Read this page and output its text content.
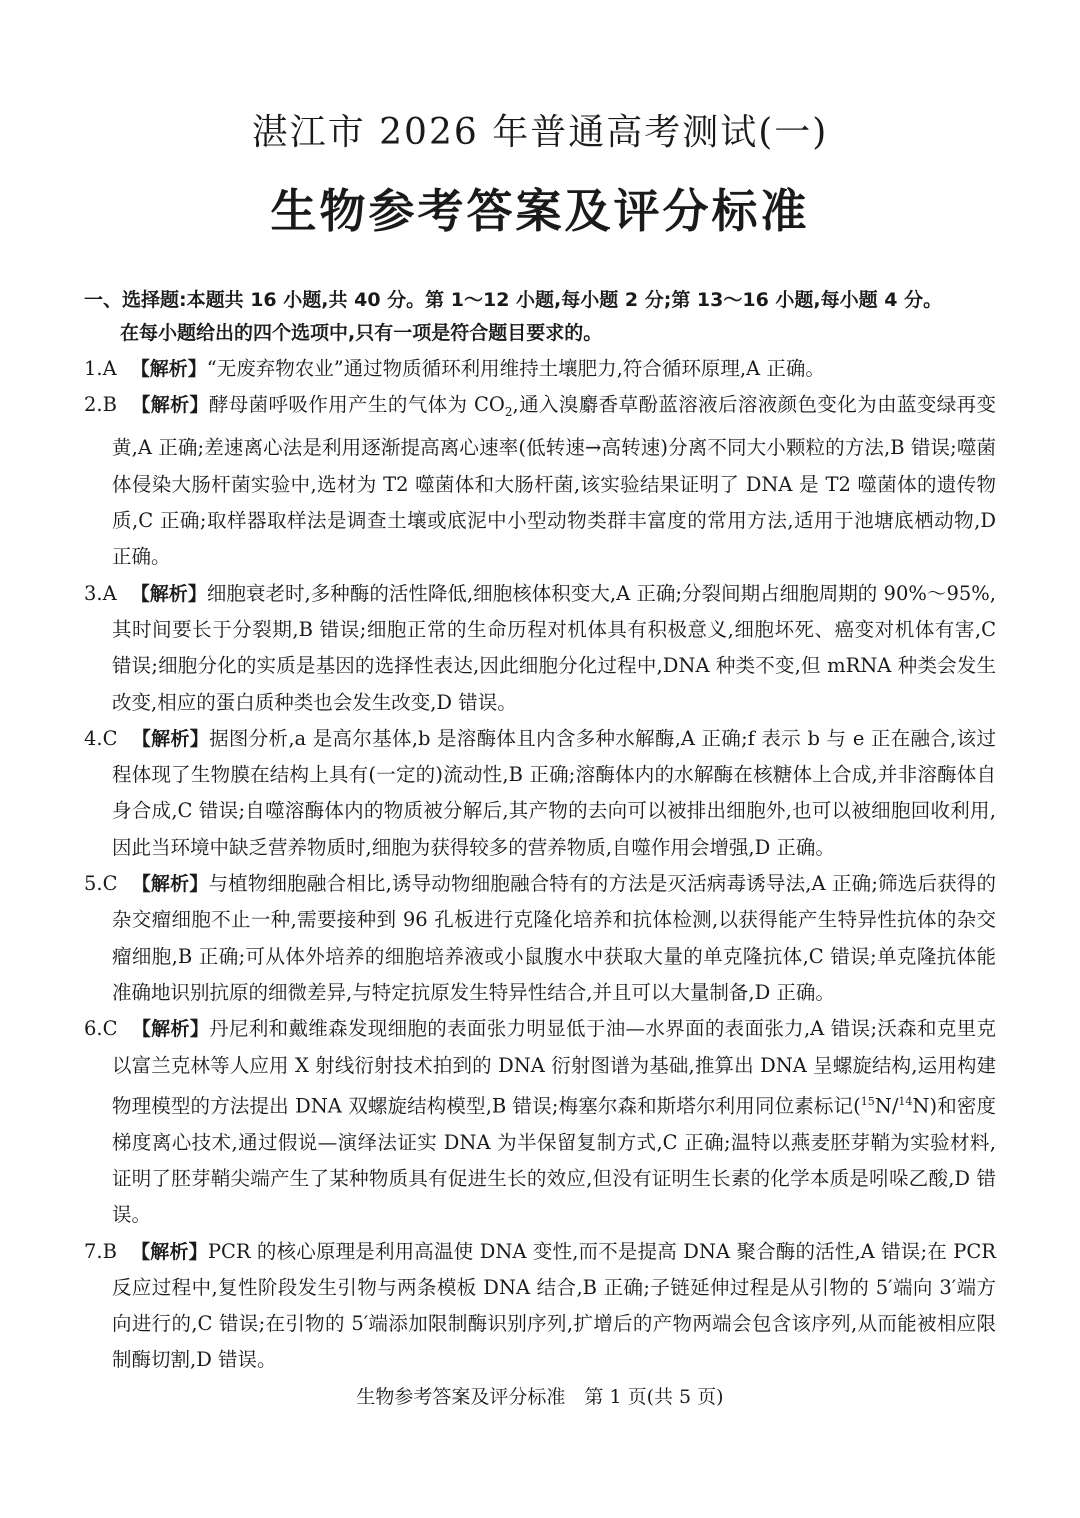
湛江市 2026 年普通高考测试(一)
生物参考答案及评分标准
一、选择题:本题共 16 小题,共 40 分。第 1～12 小题,每小题 2 分;第 13～16 小题,每小题 4 分。
在每小题给出的四个选项中,只有一项是符合题目要求的。

1.A 【解析】“无废弃物农业”通过物质循环利用维持土壤肥力,符合循环原理,A 正确。

2.B 【解析】酵母菌呼吸作用产生的气体为 $CO_2$,通入溴麝香草酚蓝溶液后溶液颜色变化为由蓝变绿再变黄,A 正确;差速离心法是利用逐渐提高离心速率(低转速→高转速)分离不同大小颗粒的方法,B 错误;噬菌体侵染大肠杆菌实验中,选材为 T2 噬菌体和大肠杆菌,该实验结果证明了 DNA 是 T2 噬菌体的遗传物质,C 正确;取样器取样法是调查土壤或底泥中小型动物类群丰富度的常用方法,适用于池塘底栖动物,D 正确。

3.A 【解析】细胞衰老时,多种酶的活性降低,细胞核体积变大,A 正确;分裂间期占细胞周期的 90%～95%,其时间要长于分裂期,B 错误;细胞正常的生命历程对机体具有积极意义,细胞坏死、癌变对机体有害,C 错误;细胞分化的实质是基因的选择性表达,因此细胞分化过程中,DNA 种类不变,但 mRNA 种类会发生改变,相应的蛋白质种类也会发生改变,D 错误。

4.C 【解析】据图分析,a 是高尔基体,b 是溶酶体且内含多种水解酶,A 正确;f 表示 b 与 e 正在融合,该过程体现了生物膜在结构上具有(一定的)流动性,B 正确;溶酶体内的水解酶在核糖体上合成,并非溶酶体自身合成,C 错误;自噬溶酶体内的物质被分解后,其产物的去向可以被排出细胞外,也可以被细胞回收利用,因此当环境中缺乏营养物质时,细胞为获得较多的营养物质,自噬作用会增强,D 正确。

5.C 【解析】与植物细胞融合相比,诱导动物细胞融合特有的方法是灭活病毒诱导法,A 正确;筛选后获得的杂交瘤细胞不止一种,需要接种到 96 孔板进行克隆化培养和抗体检测,以获得能产生特异性抗体的杂交瘤细胞,B 正确;可从体外培养的细胞培养液或小鼠腹水中获取大量的单克隆抗体,C 错误;单克隆抗体能准确地识别抗原的细微差异,与特定抗原发生特异性结合,并且可以大量制备,D 正确。

6.C 【解析】丹尼利和戴维森发现细胞的表面张力明显低于油—水界面的表面张力,A 错误;沃森和克里克以富兰克林等人应用 X 射线衍射技术拍到的 DNA 衍射图谱为基础,推算出 DNA 呈螺旋结构,运用构建物理模型的方法提出 DNA 双螺旋结构模型,B 错误;梅塞尔森和斯塔尔利用同位素标记($^{15}$N/$^{14}$N)和密度梯度离心技术,通过假说—演绎法证实 DNA 为半保留复制方式,C 正确;温特以燕麦胚芽鞘为实验材料,证明了胚芽鞘尖端产生了某种物质具有促进生长的效应,但没有证明生长素的化学本质是吲哚乙酸,D 错误。

7.B 【解析】PCR 的核心原理是利用高温使 DNA 变性,而不是提高 DNA 聚合酶的活性,A 错误;在 PCR 反应过程中,复性阶段发生引物与两条模板 DNA 结合,B 正确;子链延伸过程是从引物的 5′端向 3′端方向进行的,C 错误;在引物的 5′端添加限制酶识别序列,扩增后的产物两端会包含该序列,从而能被相应限制酶切割,D 错误。

生物参考答案及评分标准　第 1 页(共 5 页)
